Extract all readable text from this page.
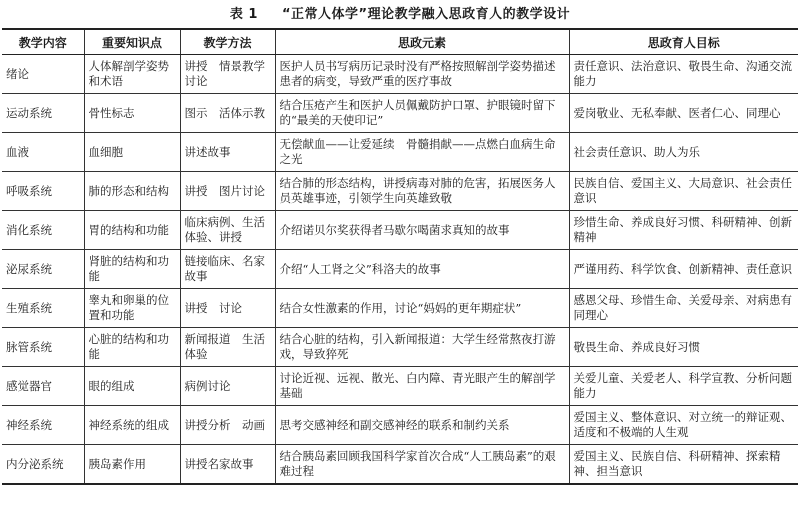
表 1 “正常人体学”理论教学融入思政育人的教学设计
教学内容	重要知识点	教学方法	思政元素	思政育人目标
绪论	人体解剖学姿势和术语	讲授　情景教学讨论	医护人员书写病历记录时没有严格按照解剖学姿势描述患者的病变，导致严重的医疗事故	责任意识、法治意识、敬畏生命、沟通交流能力
运动系统	骨性标志	图示　活体示教	结合压疮产生和医护人员佩戴防护口罩、护眼镜时留下的“最美的天使印记”	爱岗敬业、无私奉献、医者仁心、同理心
血液	血细胞	讲述故事	无偿献血——让爱延续　骨髓捐献——点燃白血病生命之光	社会责任意识、助人为乐
呼吸系统	肺的形态和结构	讲授　图片讨论	结合肺的形态结构，讲授病毒对肺的危害，拓展医务人员英雄事迹，引领学生向英雄致敬	民族自信、爱国主义、大局意识、社会责任意识
消化系统	胃的结构和功能	临床病例、生活体验、讲授	介绍诺贝尔奖获得者马歇尔喝菌求真知的故事	珍惜生命、养成良好习惯、科研精神、创新精神
泌尿系统	肾脏的结构和功能	链接临床、名家故事	介绍“人工肾之父”科洛夫的故事	严谨用药、科学饮食、创新精神、责任意识
生殖系统	睾丸和卵巢的位置和功能	讲授　讨论	结合女性激素的作用，讨论“妈妈的更年期症状”	感恩父母、珍惜生命、关爱母亲、对病患有同理心
脉管系统	心脏的结构和功能	新闻报道　生活体验	结合心脏的结构，引入新闻报道：大学生经常熬夜打游戏，导致猝死	敬畏生命、养成良好习惯
感觉器官	眼的组成	病例讨论	讨论近视、远视、散光、白内障、青光眼产生的解剖学基础	关爱儿童、关爱老人、科学宣教、分析问题能力
神经系统	神经系统的组成	讲授分析　动画	思考交感神经和副交感神经的联系和制约关系	爱国主义、整体意识、对立统一的辩证观、适度和不极端的人生观
内分泌系统	胰岛素作用	讲授名家故事	结合胰岛素回顾我国科学家首次合成“人工胰岛素”的艰难过程	爱国主义、民族自信、科研精神、探索精神、担当意识
